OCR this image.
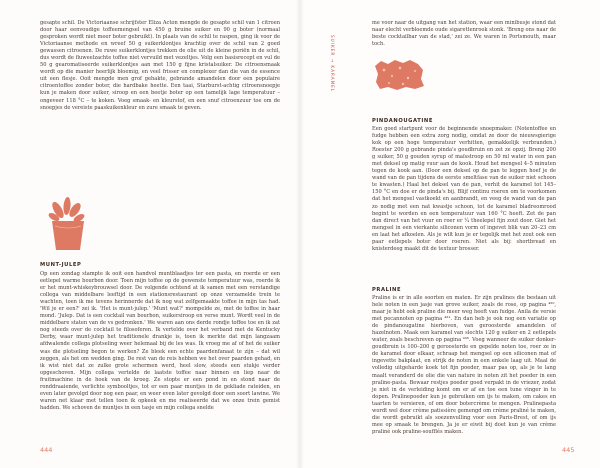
gesapte schil. De Victoriaanse schrijfster Eliza Acton mengde de gesapte schil van 1 citroen door haar eenvoudige toffeemengsel van 450 g bruine suiker en 90 g boter (normaal gesproken wordt niet meer boter gebruikt). In plaats van de schil te raspen, ging ik voor de Victoriaanse methode en wreef 50 g suikerklontjes krachtig over de schil van 2 goed gewassen citroenen. De ruwe suikerklontjes trekken de olie uit de kleine poriën in de schil, dus wordt de fluweelzachte toffee niet vervuild met vezeltjes. Volg een basisrecept en vul de 50 g gearomatiseerde suikerklontjes aan met 150 g fijne kristalsuiker. De citroensmaak wordt op die manier heerlijk bloemig, en veel frisser en complexer dan die van de essence uit een flesje. Ooit mengde men grof gehakte, gebrande amandelen door een populaire citroentoffee zonder boter, die hardbake heette. Een taai, Starburst-achtig citroensnoepje kun je maken door suiker, siroop en een beetje boter op een tamelijk lage temperatuur – ongeveer 118 °C – te koken. Voeg smaak- en kleurstof, en een snuf citroenzuur toe om de snoepjes de vereiste paaskuikenkleur en zure smaak te geven.

MUNT-JULEP

Op een zondag stampte ik ooit een handvol muntblaadjes ter een pasta, en roerde er een eetlepel warme bourbon door. Toen mijn toffee op de gewenste temperatuur was, roerde ik er het munt-whiskeybrouwsel door. De volgende ochtend at ik samen met een verstandige collega van middelbare leeftijd in een stationsrestaurant op onze verzamelde trein te wachten, toen ik me tevens herinnerde dat ik nog wat zelfgemaakte toffee in mijn tas had. 'Wil je er een?' zei ik. 'Het is munt-julep.' 'Munt wat?' mompelde ze, met de toffee in haar mond. 'Julep. Dat is een cocktail van bourbon, suikersiroop en verse munt. Wordt veel in de middelbare staten van de vs gedronken.' We waren aan ons derde rondje toffee toe en ik zat nog steeds over de cocktail te filosoferen. Ik vertelde over het verband met de Kentucky Derby, waar munt-julep het traditionele drankje is, toen ik merkte dat mijn langzaam afdwalende collega plotseling weer helemaal bij de les was. Ik vroeg me af of het de suiker was die plotseling begon te werken? Ze bleek een echte paardenfanaat te zijn – dat wil zeggen, als het om wedden ging. De rest van de reis hebben we het over paarden gehad, en ik wist niet dat ze zulke grote schermen werd, heel slow, steeds een stukje verder opgeschoven. Mijn collega vertelde de laatste toffee naar binnen en liep naar de fruitmachine in de hoek van de kroeg. Ze stopte er een pond in en stond naar de ronddraaiende, verlichte symbooltjes, tot er een paar muntjes in de gekliade rateiden, en even later gevolgd door nog een paar, en weer even later gevolgd door een soort lawine. We waren net klaar met tellen toen ik opkeek en me realiseerde dat we onze trein gemist hadden. We schoven de muntjes in een tasje en mijn collega snelde

444

me voor naar de uitgang van het station, waar een minibusje stond dat naar elecht verbloemde oude sigarettenrook stonk. 'Breng ons naar de beste cocktailbar van de stad,' zei ze. We waren in Portsmouth, maar toch.

PINDANOUGATINE

Een goed startpunt voor de beginnende snoepmaker. (Notentoffee en fudge hebben een extra zorg nodig, omdat ze door de nieuwsgierige kok op een hoge temperatuur verhitten, gemakkelijk verbranden.) Roester 200 g gebrande pinda's goudbruin en zet ze opzij. Breng 200 g suiker, 50 g gouden syrup of maïsstroop en 50 ml water in een pan met deksel op matig vuur aan de kook. Houd het mengsel 4–5 minuten tegen de kook aan. (Door een deksel op de pan te leggen hoef je de wand van de pan tijdens de eerste smeltfase van de suiker niet schoon te kwasten.) Haal het deksel van de pan, verhit de karamel tot 145–150 °C en doe er de pinda's bij. Blijf continu roeren om te voorkomen dat het mengsel vastkoekt en aanbrandt, en veeg de wand van de pan zo nodig met een nat kwastje schoon, tot de karamel bladreomrood begint te worden en een temperatuur van 160 °C heeft. Zet de pan dan direct van het vuur en roer er ¼ theelepel fijn zout door. Giet het mengsel in een vierkante siliconen vorm of ingevet blik van 20–23 cm en laat het afkoelen. Als je wilt kun je er tegelijk met het zout ook een paar eetlepels boter door roeren. Niet als bij: shortbread en knisterdeeg maakt dit de textuur brosser.

PRALINE

Praline is er in alle soorten en maten. Er zijn pralines die bestaan uit hele noten in een jasje van grove suiker, zoals de rose, op pagina ⁴²⁰, maar je hebt ook praline die meer weg heeft van fudge. Anila de versie met pecannoten op pagina ⁴²¹. En dan heb je ook nog een variatie op de pindanougatine hierboven, van geroosterde amandelen of hazelnoten. Maak een karamel van slechts 120 g suiker en 2 eetlepels water, zoals beschreven op pagina ⁴³⁶. Voeg wanneer de suiker donker-goudbruin is 100–200 g geroosterde en gepelde noten toe, roer ze in de karamel door elkaar, schraap het mengsel op een siliconen mat of ingevette bakplaat, en strijk de noten in een enkele laag uit. Maal de volledig uitgeharde koek tot fijn poeder, maar pas op, als je te lang maalt veranderd de olie die van nature in noten zit het poeder in een praline-pasta. Bewaar restjes poeder goed verpakt in de vriezer, zodat je niet in de verleiding komt om er af en toe een tune vinger in te dopen. Pralinepoeder kun je gebruiken om ijs te maken, om cakes en taarten te versieren, of om door botercrème te mengen. Pralinepasta wordt wel door crème patissière gemengd om crème praliné te maken, die wordt gebruikt als soezenvulling voor een Paris-Brest, of om ijs mee op smaak te brengen. Ja je er eiwit bij doet kun je van crème praliné ook praline-soufflés maken.

445
SUIKER → KARAMEL
